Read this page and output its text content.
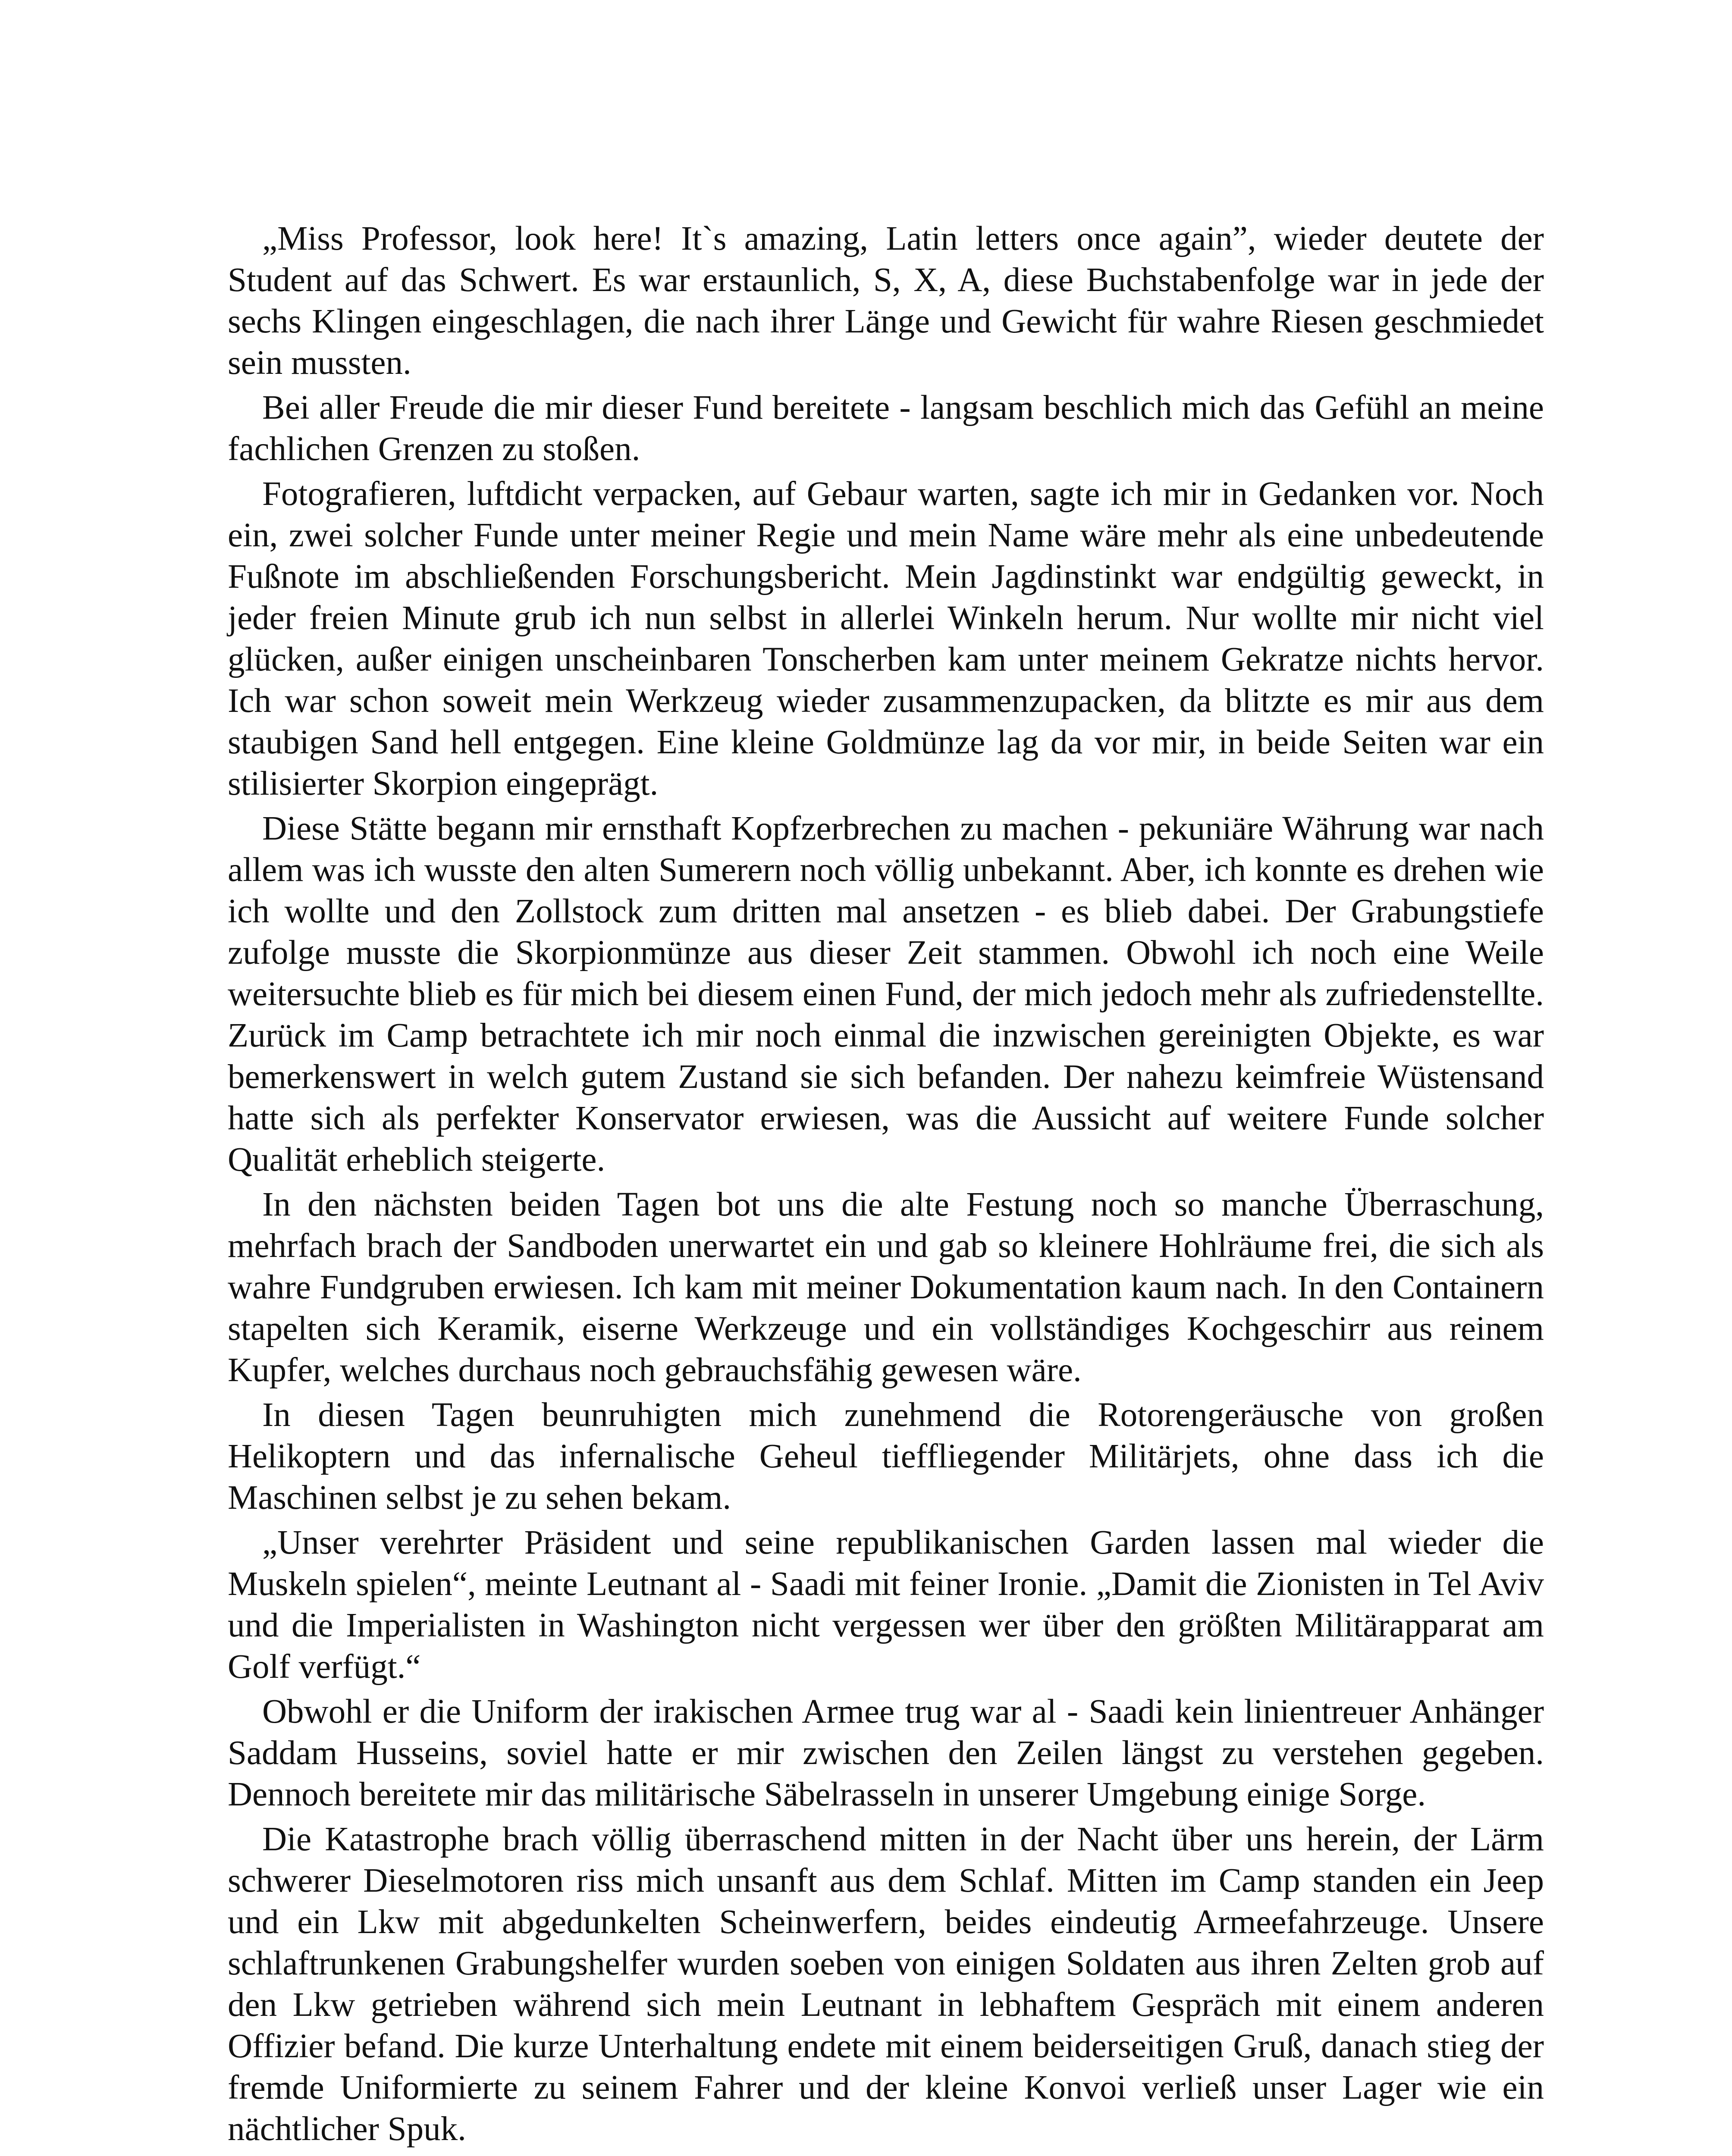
„Miss Professor, look here! It`s amazing, Latin letters once again”, wieder deutete der Student auf das Schwert. Es war erstaunlich, S, X, A, diese Buchstabenfolge war in jede der sechs Klingen eingeschlagen, die nach ihrer Länge und Gewicht für wahre Riesen geschmiedet sein mussten.

Bei aller Freude die mir dieser Fund bereitete - langsam beschlich mich das Gefühl an meine fachlichen Grenzen zu stoßen.

Fotografieren, luftdicht verpacken, auf Gebaur warten, sagte ich mir in Gedanken vor. Noch ein, zwei solcher Funde unter meiner Regie und mein Name wäre mehr als eine unbedeutende Fußnote im abschließenden Forschungsbericht. Mein Jagdinstinkt war endgültig geweckt, in jeder freien Minute grub ich nun selbst in allerlei Winkeln herum. Nur wollte mir nicht viel glücken, außer einigen unscheinbaren Tonscherben kam unter meinem Gekratze nichts hervor. Ich war schon soweit mein Werkzeug wieder zusammenzupacken, da blitzte es mir aus dem staubigen Sand hell entgegen. Eine kleine Goldmünze lag da vor mir, in beide Seiten war ein stilisierter Skorpion eingeprägt.

Diese Stätte begann mir ernsthaft Kopfzerbrechen zu machen - pekuniäre Währung war nach allem was ich wusste den alten Sumerern noch völlig unbekannt. Aber, ich konnte es drehen wie ich wollte und den Zollstock zum dritten mal ansetzen - es blieb dabei. Der Grabungstiefe zufolge musste die Skorpionmünze aus dieser Zeit stammen. Obwohl ich noch eine Weile weitersuchte blieb es für mich bei diesem einen Fund, der mich jedoch mehr als zufriedenstellte. Zurück im Camp betrachtete ich mir noch einmal die inzwischen gereinigten Objekte, es war bemerkenswert in welch gutem Zustand sie sich befanden. Der nahezu keimfreie Wüstensand hatte sich als perfekter Konservator erwiesen, was die Aussicht auf weitere Funde solcher Qualität erheblich steigerte.

In den nächsten beiden Tagen bot uns die alte Festung noch so manche Überraschung, mehrfach brach der Sandboden unerwartet ein und gab so kleinere Hohlräume frei, die sich als wahre Fundgruben erwiesen. Ich kam mit meiner Dokumentation kaum nach. In den Containern stapelten sich Keramik, eiserne Werkzeuge und ein vollständiges Kochgeschirr aus reinem Kupfer, welches durchaus noch gebrauchsfähig gewesen wäre.

In diesen Tagen beunruhigten mich zunehmend die Rotorengeräusche von großen Helikoptern und das infernalische Geheul tieffliegender Militärjets, ohne dass ich die Maschinen selbst je zu sehen bekam.

„Unser verehrter Präsident und seine republikanischen Garden lassen mal wieder die Muskeln spielen“, meinte Leutnant al - Saadi mit feiner Ironie. „Damit die Zionisten in Tel Aviv und die Imperialisten in Washington nicht vergessen wer über den größten Militärapparat am Golf verfügt.“

Obwohl er die Uniform der irakischen Armee trug war al - Saadi kein linientreuer Anhänger Saddam Husseins, soviel hatte er mir zwischen den Zeilen längst zu verstehen gegeben. Dennoch bereitete mir das militärische Säbelrasseln in unserer Umgebung einige Sorge.

Die Katastrophe brach völlig überraschend mitten in der Nacht über uns herein, der Lärm schwerer Dieselmotoren riss mich unsanft aus dem Schlaf. Mitten im Camp standen ein Jeep und ein Lkw mit abgedunkelten Scheinwerfern, beides eindeutig Armeefahrzeuge. Unsere schlaftrunkenen Grabungshelfer wurden soeben von einigen Soldaten aus ihren Zelten grob auf den Lkw getrieben während sich mein Leutnant in lebhaftem Gespräch mit einem anderen Offizier befand. Die kurze Unterhaltung endete mit einem beiderseitigen Gruß, danach stieg der fremde Uniformierte zu seinem Fahrer und der kleine Konvoi verließ unser Lager wie ein nächtlicher Spuk.
